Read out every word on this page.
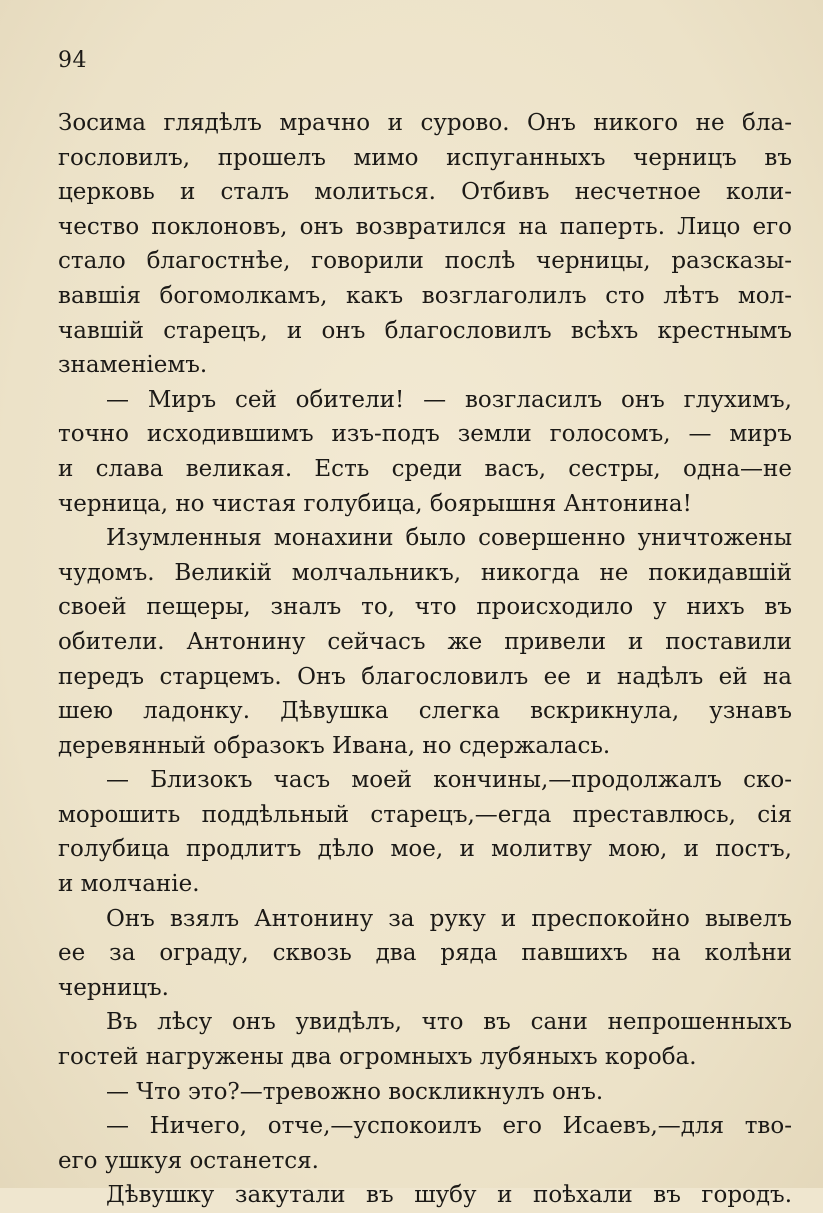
94
Зосима глядѣлъ мрачно и сурово. Онъ никого не бла-
гословилъ, прошелъ мимо испуганныхъ черницъ въ
церковь и сталъ молиться. Отбивъ несчетное коли-
чество поклоновъ, онъ возвратился на паперть. Лицо его
стало благостнѣе, говорили послѣ черницы, разсказы-
вавшія богомолкамъ, какъ возглаголилъ сто лѣтъ мол-
чавшій старецъ, и онъ благословилъ всѣхъ крестнымъ
знаменіемъ.
— Миръ сей обители! — возгласилъ онъ глухимъ,
точно исходившимъ изъ-подъ земли голосомъ, — миръ
и слава великая. Есть среди васъ, сестры, одна—не
черница, но чистая голубица, боярышня Антонина!
Изумленныя монахини было совершенно уничтожены
чудомъ. Великій молчальникъ, никогда не покидавшій
своей пещеры, зналъ то, что происходило у нихъ въ
обители. Антонину сейчасъ же привели и поставили
передъ старцемъ. Онъ благословилъ ее и надѣлъ ей на
шею ладонку. Дѣвушка слегка вскрикнула, узнавъ
деревянный образокъ Ивана, но сдержалась.
— Близокъ часъ моей кончины,—продолжалъ ско-
морошить поддѣльный старецъ,—егда преставлюсь, сія
голубица продлитъ дѣло мое, и молитву мою, и постъ,
и молчаніе.
Онъ взялъ Антонину за руку и преспокойно вывелъ
ее за ограду, сквозь два ряда павшихъ на колѣни
черницъ.
Въ лѣсу онъ увидѣлъ, что въ сани непрошенныхъ
гостей нагружены два огромныхъ лубяныхъ короба.
— Что это?—тревожно воскликнулъ онъ.
— Ничего, отче,—успокоилъ его Исаевъ,—для тво-
его ушкуя останется.
Дѣвушку закутали въ шубу и поѣхали въ городъ.
